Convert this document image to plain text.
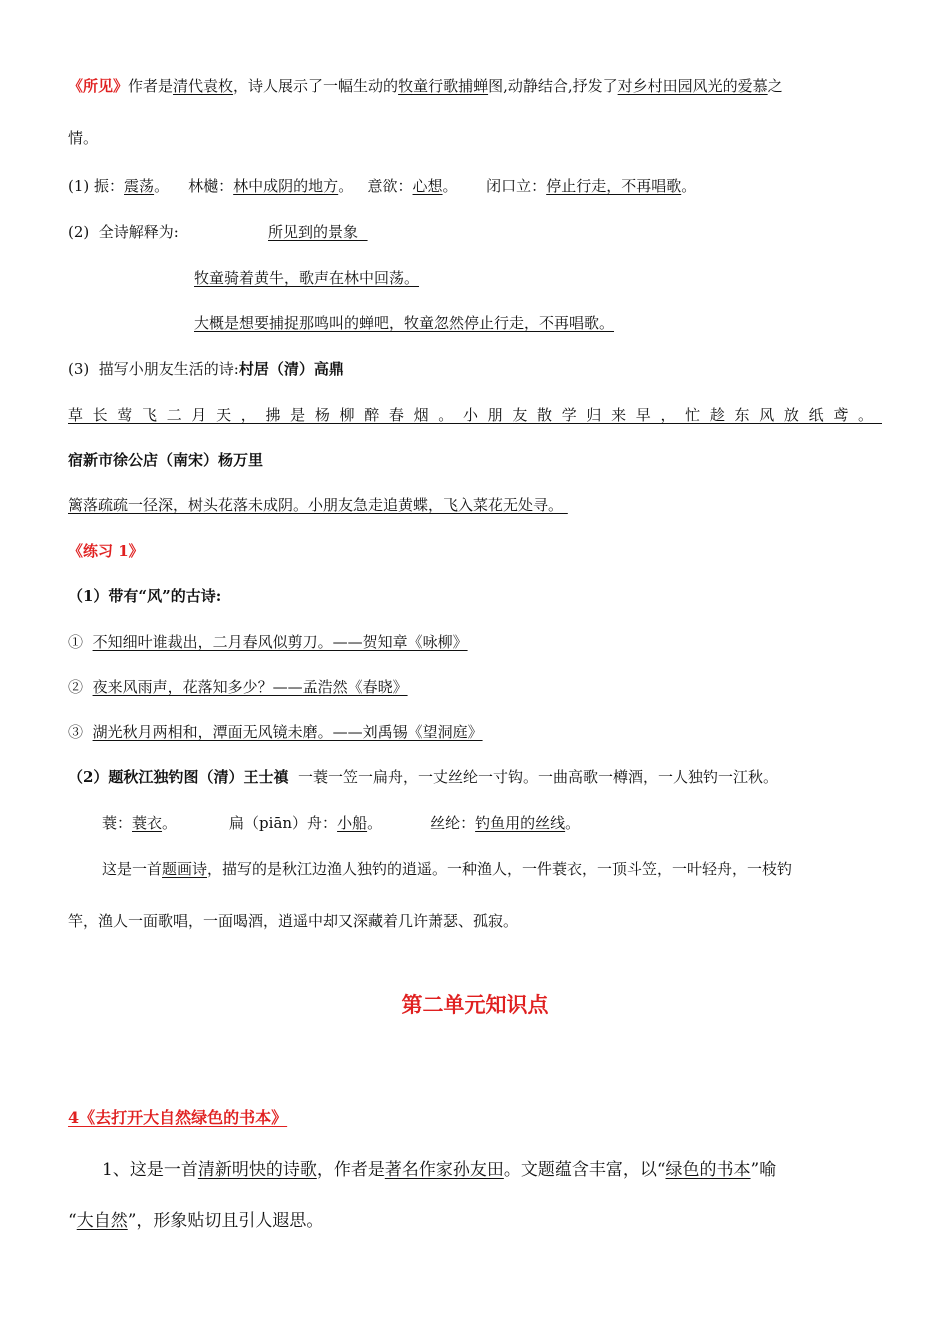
《所见》作者是清代袁枚，诗人展示了一幅生动的牧童行歌捕蝉图,动静结合,抒发了对乡村田园风光的爱慕之
情。
(1) 振：震荡。 林樾：林中成阴的地方。 意欲：心想。 闭口立：停止行走，不再唱歌。
(2) 全诗解释为:	所见到的景象
牧童骑着黄牛，歌声在林中回荡。
大概是想要捕捉那鸣叫的蝉吧，牧童忽然停止行走，不再唱歌。
(3) 描写小朋友生活的诗:村居（清）高鼎
草长莺飞二月天，拂是杨柳醉春烟。小朋友散学归来早，忙趁东风放纸鸢。
宿新市徐公店（南宋）杨万里
篱落疏疏一径深，树头花落未成阴。小朋友急走追黄蝶，飞入菜花无处寻。
《练习 1》
（1）带有“风”的古诗:
① 不知细叶谁裁出，二月春风似剪刀。——贺知章《咏柳》
② 夜来风雨声，花落知多少？——孟浩然《春晓》
③ 湖光秋月两相和，潭面无风镜未磨。——刘禹锡《望洞庭》
（2）题秋江独钓图（清）王士禛 一蓑一笠一扁舟，一丈丝纶一寸钩。一曲高歌一樽酒，一人独钓一江秋。
蓑：蓑衣。	扁（piān）舟：小船。	丝纶：钓鱼用的丝线。
这是一首题画诗，描写的是秋江边渔人独钓的逍遥。一种渔人，一件蓑衣，一顶斗笠，一叶轻舟，一枝钓
竿，渔人一面歌唱，一面喝酒，逍遥中却又深藏着几许萧瑟、孤寂。
第二单元知识点
4《去打开大自然绿色的书本》
1、这是一首清新明快的诗歌，作者是著名作家孙友田。文题蕴含丰富，以“绿色的书本”喻
“大自然”，形象贴切且引人遐思。
